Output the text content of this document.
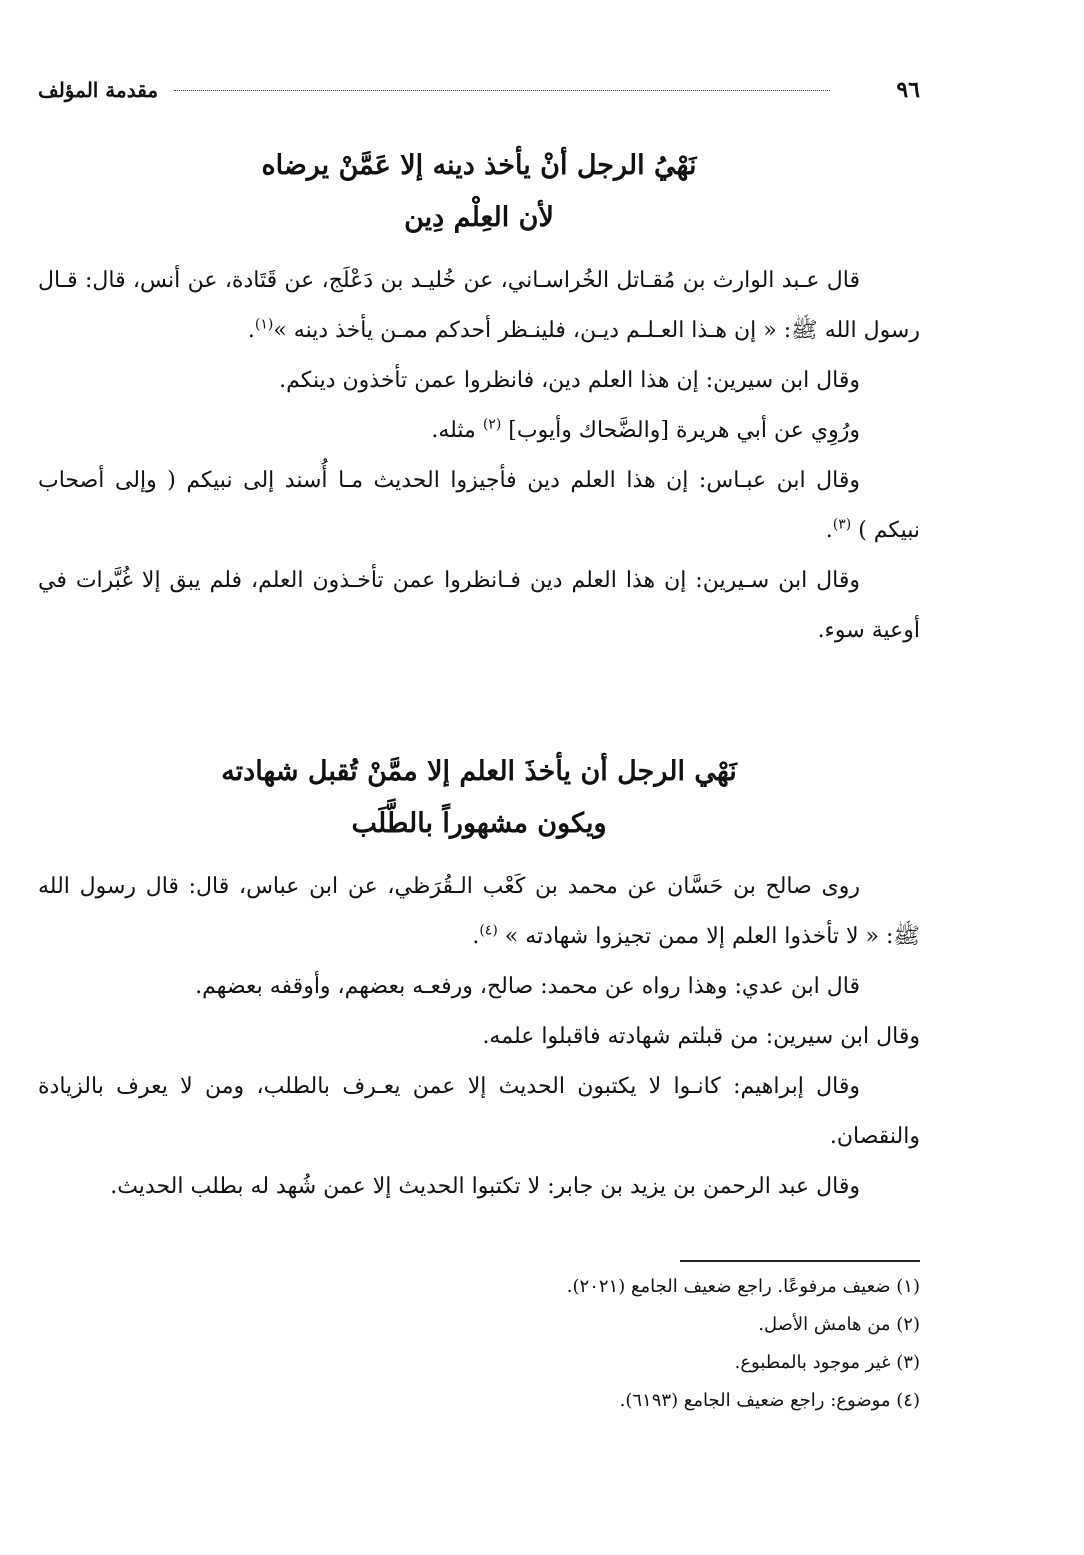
٩٦
مقدمة المؤلف
نَهْيُ الرجل أنْ يأخذ دينه إلا عَمَّنْ يرضاه
لأن العِلْم دِين

قال عـبد الوارث بن مُقـاتل الخُراسـاني، عن خُليـد بن دَعْلَج، عن قَتَادة، عن أنس، قال: قـال رسول الله ﷺ: « إن هـذا العـلـم ديـن، فلينـظر أحدكم ممـن يأخذ دينه »$^{(١)}$.

وقال ابن سيرين: إن هذا العلم دين، فانظروا عمن تأخذون دينكم.

ورُوِي عن أبي هريرة [والضَّحاك وأيوب] $^{(٢)}$ مثله.

وقال ابن عبـاس: إن هذا العلم دين فأجيزوا الحديث مـا أُسند إلى نبيكم ( وإلى أصحاب نبيكم ) $^{(٣)}$.

وقال ابن سـيرين: إن هذا العلم دين فـانظروا عمن تأخـذون العلم، فلم يبق إلا غُبَّرات في أوعية سوء.

نَهْي الرجل أن يأخذَ العلم إلا ممَّنْ تُقبل شهادته
ويكون مشهوراً بالطَّلَب

روى صالح بن حَسَّان عن محمد بن كَعْب الـقُرَظي، عن ابن عباس، قال: قال رسول الله ﷺ: « لا تأخذوا العلم إلا ممن تجيزوا شهادته » $^{(٤)}$.

قال ابن عدي: وهذا رواه عن محمد: صالح، ورفعـه بعضهم، وأوقفه بعضهم.

وقال ابن سيرين: من قبلتم شهادته فاقبلوا علمه.

وقال إبراهيم: كانـوا لا يكتبون الحديث إلا عمن يعـرف بالطلب، ومن لا يعرف بالزيادة والنقصان.

وقال عبد الرحمن بن يزيد بن جابر: لا تكتبوا الحديث إلا عمن شُهد له بطلب الحديث.

(١) ضعيف مرفوعًا. راجع ضعيف الجامع (٢٠٢١).
(٢) من هامش الأصل.
(٣) غير موجود بالمطبوع.
(٤) موضوع: راجع ضعيف الجامع (٦١٩٣).
